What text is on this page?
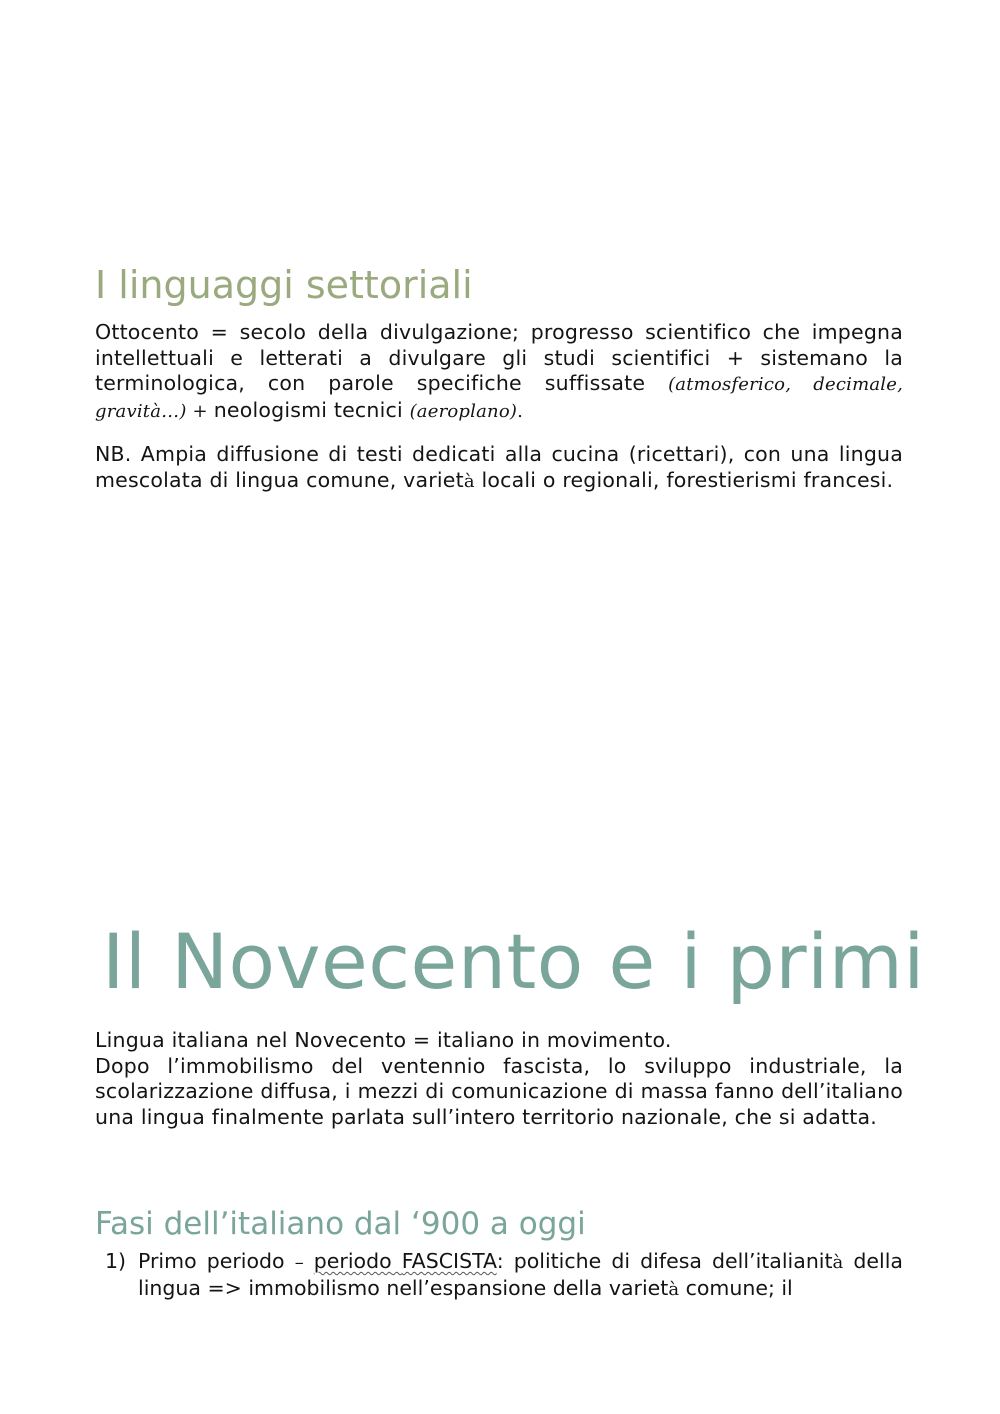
I linguaggi settoriali

Ottocento = secolo della divulgazione; progresso scientifico che impegna intellettuali e letterati a divulgare gli studi scientifici + sistemano la terminologica, con parole specifiche suffissate (atmosferico, decimale, gravità…) + neologismi tecnici (aeroplano).

NB. Ampia diffusione di testi dedicati alla cucina (ricettari), con una lingua mescolata di lingua comune, varietà locali o regionali, forestierismi francesi.

Il Novecento e i primi

Lingua italiana nel Novecento = italiano in movimento.
Dopo l’immobilismo del ventennio fascista, lo sviluppo industriale, la scolarizzazione diffusa, i mezzi di comunicazione di massa fanno dell’italiano una lingua finalmente parlata sull’intero territorio nazionale, che si adatta.

Fasi dell’italiano dal ‘900 a oggi
1) Primo periodo – periodo FASCISTA: politiche di difesa dell’italianità della lingua => immobilismo nell’espansione della varietà comune; il
